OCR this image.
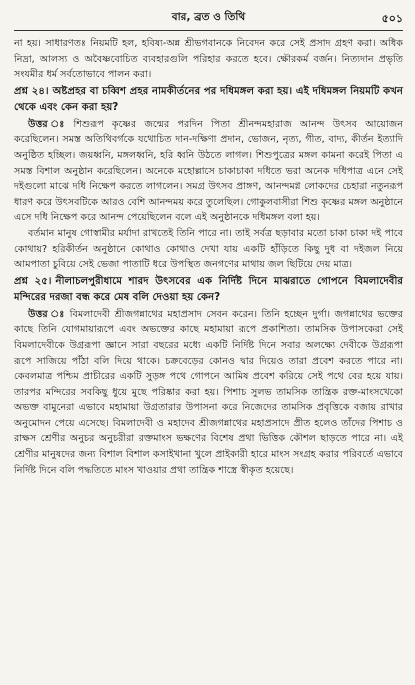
বার, ব্রত ও তিথি	৫০১

না হয়। সাধারণতঃ নিয়মটি হল, হবিষ্য-অন্ন শ্রীভগবানকে নিবেদন করে সেই প্রসাদ গ্রহণ করা। অধিক নিদ্রা, আলস্য ও অবৈষ্ণবোচিত ব্যবহারগুলি পরিহার করতে হবে। ক্ষৌরকর্ম বর্জন। নিত্যদান প্রভৃতি সংযমীর ধর্ম সর্বতোভাবে পালন করা।

প্রশ্ন ২৪। অষ্টপ্রহর বা চব্বিশ প্রহর নামকীর্তনের পর দধিমঙ্গল করা হয়। এই দধিমঙ্গল নিয়মটি কখন থেকে এবং কেন করা হয়?

উত্তর ঃ শিশুরূপ কৃষ্ণের জন্মের পরদিন পিতা শ্রীনন্দমহারাজ আনন্দ উৎসব আয়োজন করেছিলেন। সমস্ত অতিথিবর্গকে যথোচিত দান-দক্ষিণা প্রদান, ভোজন, নৃত্য, গীত, বাদ্য, কীর্তন ইত্যাদি অনুষ্ঠিত হচ্ছিল। জয়ধ্বনি, মঙ্গলধ্বনি, হরি ধ্বনি উঠতে লাগল। শিশুপুত্রের মঙ্গল কামনা করেই পিতা এ সমস্ত বিশাল অনুষ্ঠান করেছিলেন। অনেকে মহোল্লাসে চাকাচাকা দধিতে ভরা অনেক দধিপাত্র এনে সেই দইগুলো মাঝে দধি নিক্ষেপ করতে লাগলেন। সমগ্র উৎসব প্রাঙ্গণ, আনন্দমগ্ন লোকদের চেহারা নতুনরূপ ধারণ করে উৎসবটিকে আরও বেশি আনন্দময় করে তুলেছিল। গোকুলবাসীরা শিশু কৃষ্ণের মঙ্গল অনুষ্ঠানে এসে দধি নিক্ষেপ করে আনন্দ পেয়েছিলেন বলে এই অনুষ্ঠানকে দধিমঙ্গল বলা হয়।

বর্তমান মানুষ গোস্বামীর মর্যাদা রাখতেই তিনি পারে না। তাই সর্বত্র ছড়াবার মতো চাকা চাকা দই পাবে কোথায়? হরিকীর্তন অনুষ্ঠানে কোথাও কোথাও দেখা যায় একটি হাঁড়িতে কিছু দুধ বা দইজল নিয়ে আমপাতা চুবিয়ে সেই ভেজা পাতাটি ধরে উপস্থিত জনগণের মাথায় জল ছিটিয়ে দেয় মাত্র।

প্রশ্ন ২৫। নীলাচলপুরীধামে শারদ উৎসবের এক নির্দিষ্ট দিনে মাঝরাতে গোপনে বিমলাদেবীর মন্দিরের দরজা বন্ধ করে মেষ বলি দেওয়া হয় কেন?

উত্তর ঃ বিমলাদেবী শ্রীজগন্নাথের মহাপ্রসাদ সেবন করেন। তিনি হচ্ছেন দুর্গা। জগন্নাথের ভক্তের কাছে তিনি যোগমায়ারূপে এবং অভক্তের কাছে মহামায়া রূপে প্রকাশিতা। তামসিক উপাসকেরা সেই বিমলাদেবীকে উগ্ররূপা জ্ঞানে সারা বছরের মধ্যে একটি নির্দিষ্ট দিনে সবার অলক্ষ্যে দেবীকে উগ্ররূপা রূপে সাজিয়ে পাঁঠা বলি দিয়ে থাকে। চক্রবেড়ের কোনও দ্বার দিয়েও তারা প্রবেশ করতে পারে না। কেবলমাত্র পশ্চিম প্রাচীরের একটি সুড়ঙ্গ পথে গোপনে আমিষ প্রবেশ করিয়ে সেই পথে বের হয়ে যায়। তারপর মন্দিরের সবকিছু ধুয়ে মুছে পরিষ্কার করা হয়। পিশাচ সুলভ তামসিক তান্ত্রিক রক্ত-মাংসখেকো অভক্ত বামুনেরা এভাবে মহামায়া উগ্রতারার উপাসনা করে নিজেদের তামসিক প্রবৃত্তিকে বজায় রাখার অনুমোদন পেয়ে এসেছে। বিমলাদেবী ও মহাদেব শ্রীজগন্নাথের মহাপ্রসাদে প্রীত হলেও তাঁদের পিশাচ ও রাক্ষস শ্রেণীর অনুচর অনুচরীরা রক্তমাংস ভক্ষণের বিশেষ প্রথা ভিত্তিক কৌশল ছাড়তে পারে না। এই শ্রেণীর মানুষদের জন্য বিশাল বিশাল কসাইখানা খুলে প্রাইকারী হারে মাংস সংগ্রহ করার পরিবর্তে এভাবে নির্দিষ্ট দিনে বলি পদ্ধতিতে মাংস খাওয়ার প্রথা তান্ত্রিক শাস্ত্রে স্বীকৃত হয়েছে।
